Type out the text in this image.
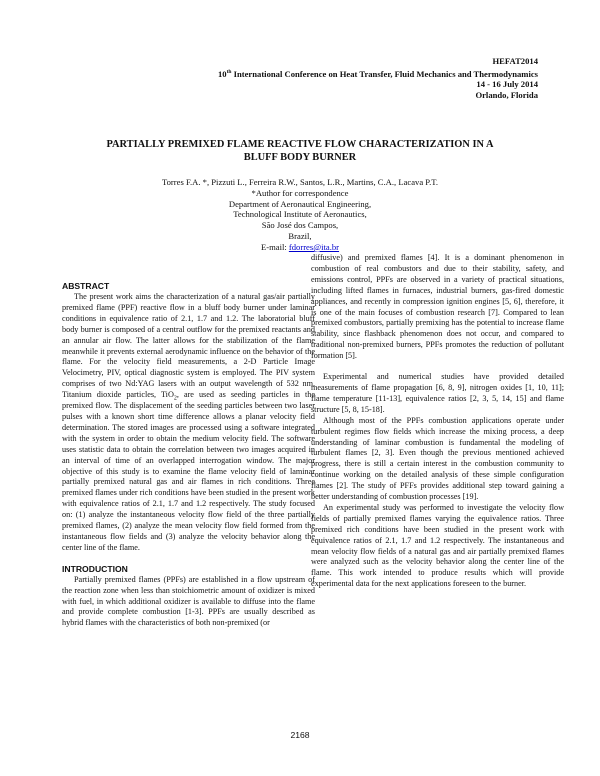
HEFAT2014
10th International Conference on Heat Transfer, Fluid Mechanics and Thermodynamics
14 - 16 July 2014
Orlando, Florida
PARTIALLY PREMIXED FLAME REACTIVE FLOW CHARACTERIZATION IN A
BLUFF BODY BURNER
Torres F.A. *, Pizzuti L., Ferreira R.W., Santos, L.R., Martins, C.A., Lacava P.T.
*Author for correspondence
Department of Aeronautical Engineering,
Technological Institute of Aeronautics,
São José dos Campos,
Brazil,
E-mail: fdorres@ita.br
ABSTRACT

The present work aims the characterization of a natural gas/air partially premixed flame (PPF) reactive flow in a bluff body burner under laminar conditions in equivalence ratio of 2.1, 1.7 and 1.2. The laboratorial bluff body burner is composed of a central outflow for the premixed reactants and an annular air flow. The latter allows for the stabilization of the flame meanwhile it prevents external aerodynamic influence on the behavior of the flame. For the velocity field measurements, a 2-D Particle Image Velocimetry, PIV, optical diagnostic system is employed. The PIV system comprises of two Nd:YAG lasers with an output wavelength of 532 nm. Titanium dioxide particles, TiO$_2$, are used as seeding particles in the premixed flow. The displacement of the seeding particles between two laser pulses with a known short time difference allows a planar velocity field determination. The stored images are processed using a software integrated with the system in order to obtain the medium velocity field. The software uses statistic data to obtain the correlation between two images acquired in an interval of time of an overlapped interrogation window. The major objective of this study is to examine the flame velocity field of laminar partially premixed natural gas and air flames in rich conditions. Three premixed flames under rich conditions have been studied in the present work with equivalence ratios of 2.1, 1.7 and 1.2 respectively. The study focused on: (1) analyze the instantaneous velocity flow field of the three partially premixed flames, (2) analyze the mean velocity flow field formed from the instantaneous flow fields and (3) analyze the velocity behavior along the center line of the flame.

INTRODUCTION

Partially premixed flames (PPFs) are established in a flow upstream of the reaction zone when less than stoichiometric amount of oxidizer is mixed with fuel, in which additional oxidizer is available to diffuse into the flame and provide complete combustion [1-3]. PPFs are usually described as hybrid flames with the characteristics of both non-premixed (or

diffusive) and premixed flames [4]. It is a dominant phenomenon in combustion of real combustors and due to their stability, safety, and emissions control, PPFs are observed in a variety of practical situations, including lifted flames in furnaces, industrial burners, gas-fired domestic appliances, and recently in compression ignition engines [5, 6], therefore, it is one of the main focuses of combustion research [7]. Compared to lean premixed combustors, partially premixing has the potential to increase flame stability, since flashback phenomenon does not occur, and compared to traditional non-premixed burners, PPFs promotes the reduction of pollutant formation [5].

Experimental and numerical studies have provided detailed measurements of flame propagation [6, 8, 9], nitrogen oxides [1, 10, 11]; flame temperature [11-13], equivalence ratios [2, 3, 5, 14, 15] and flame structure [5, 8, 15-18].

Although most of the PPFs combustion applications operate under turbulent regimes flow fields which increase the mixing process, a deep understanding of laminar combustion is fundamental the modeling of turbulent flames [2, 3]. Even though the previous mentioned achieved progress, there is still a certain interest in the combustion community to continue working on the detailed analysis of these simple configuration flames [2]. The study of PFFs provides additional step toward gaining a better understanding of combustion processes [19].

An experimental study was performed to investigate the velocity flow fields of partially premixed flames varying the equivalence ratios. Three premixed rich conditions have been studied in the present work with equivalence ratios of 2.1, 1.7 and 1.2 respectively. The instantaneous and mean velocity flow fields of a natural gas and air partially premixed flames were analyzed such as the velocity behavior along the center line of the flame. This work intended to produce results which will provide experimental data for the next applications foreseen to the burner.

2168
